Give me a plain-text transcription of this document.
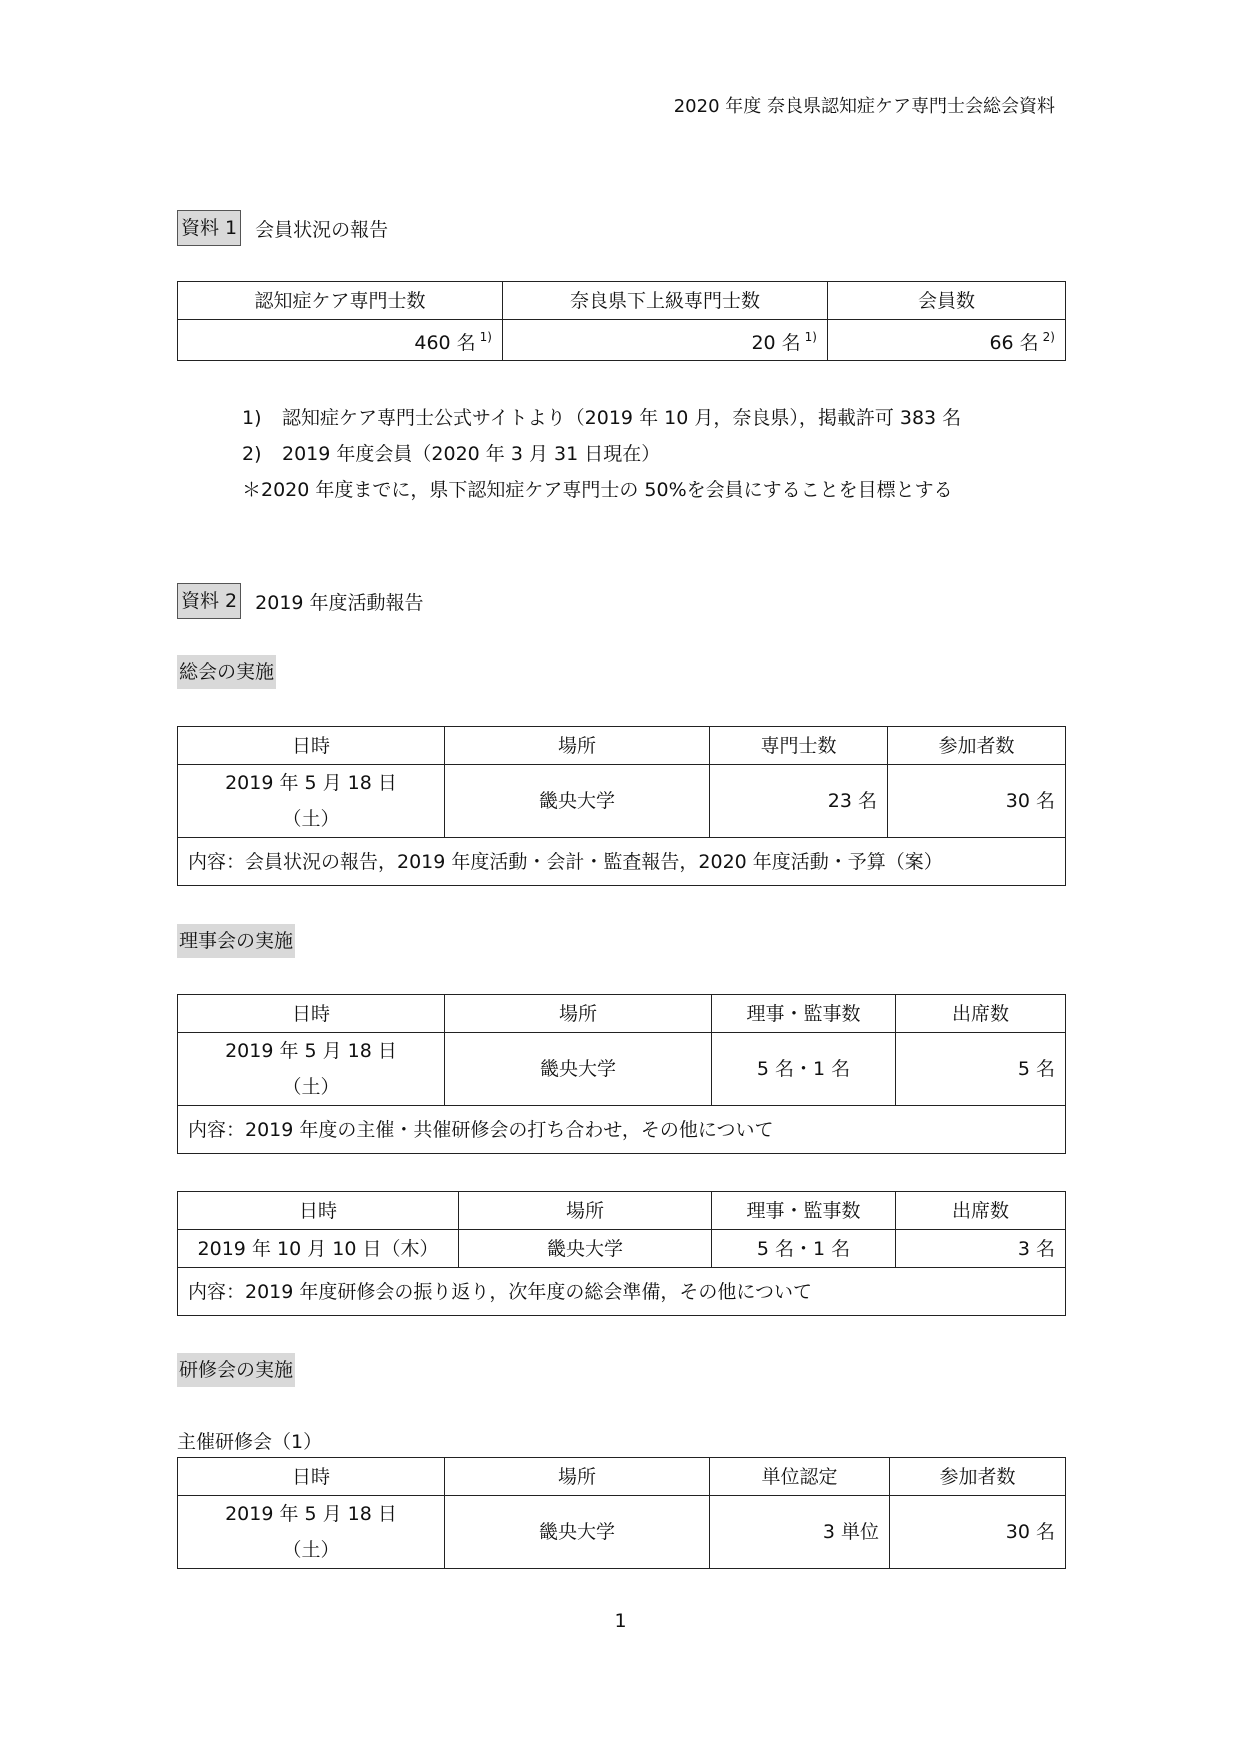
2020 年度 奈良県認知症ケア専門士会総会資料
資料 1 会員状況の報告
認知症ケア専門士数	奈良県下上級専門士数	会員数
460 名 $^{1)}$	20 名 $^{1)}$	66 名 $^{2)}$
1) 認知症ケア専門士公式サイトより（2019 年 10 月，奈良県），掲載許可 383 名
2) 2019 年度会員（2020 年 3 月 31 日現在）
＊2020 年度までに，県下認知症ケア専門士の 50%を会員にすることを目標とする
資料 2 2019 年度活動報告
総会の実施
日時	場所	専門士数	参加者数

2019 年 5 月 18 日
（土）	畿央大学	23 名	30 名
内容：会員状況の報告，2019 年度活動・会計・監査報告，2020 年度活動・予算（案）			
理事会の実施
日時	場所	理事・監事数	出席数

2019 年 5 月 18 日
（土）	畿央大学	5 名・1 名	5 名
内容：2019 年度の主催・共催研修会の打ち合わせ，その他について			
日時	場所	理事・監事数	出席数
2019 年 10 月 10 日（木）	畿央大学	5 名・1 名	3 名
内容：2019 年度研修会の振り返り，次年度の総会準備，その他について			
研修会の実施
主催研修会（1）
日時	場所	単位認定	参加者数

2019 年 5 月 18 日
（土）	畿央大学	3 単位	30 名
1
